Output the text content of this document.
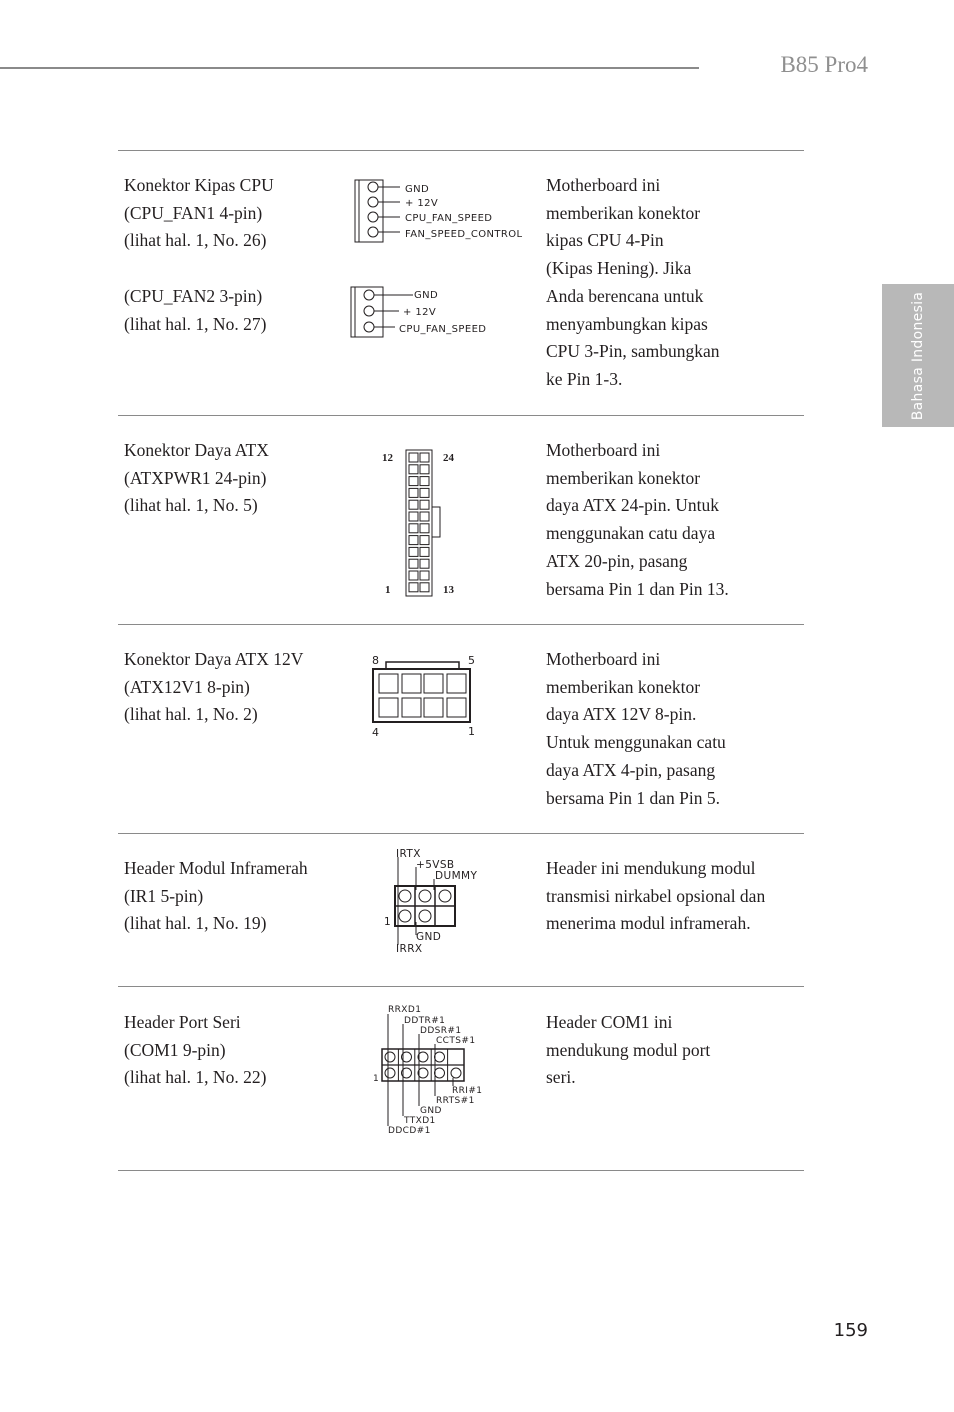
B85 Pro4
Bahasa Indonesia
Konektor Kipas CPU
(CPU_FAN1 4-pin)
(lihat hal. 1, No. 26)

(CPU_FAN2 3-pin)
(lihat hal. 1, No. 27)
Motherboard ini
memberikan konektor
kipas CPU 4-Pin
(Kipas Hening). Jika
Anda berencana untuk
menyambungkan kipas
CPU 3-Pin, sambungkan
ke Pin 1-3.
GND
+ 12V
CPU_FAN_SPEED
FAN_SPEED_CONTROL
GND
+ 12V
CPU_FAN_SPEED
Konektor Daya ATX
(ATXPWR1 24-pin)
(lihat hal. 1, No. 5)
Motherboard ini
memberikan konektor
daya ATX 24-pin. Untuk
menggunakan catu daya
ATX 20-pin, pasang
bersama Pin 1 dan Pin 13.
12	24
1	13
Konektor Daya ATX 12V
(ATX12V1 8-pin)
(lihat hal. 1, No. 2)
Motherboard ini
memberikan konektor
daya ATX 12V 8-pin.
Untuk menggunakan catu
daya ATX 4-pin, pasang
bersama Pin 1 dan Pin 5.
8	5
4	1
Header Modul Inframerah
(IR1 5-pin)
(lihat hal. 1, No. 19)
Header ini mendukung modul
transmisi nirkabel opsional dan
menerima modul inframerah.
IRTX
+5VSB
DUMMY
1
GND
IRRX
Header Port Seri
(COM1 9-pin)
(lihat hal. 1, No. 22)
Header COM1 ini
mendukung modul port
seri.
RRXD1
DDTR#1
DDSR#1
CCTS#1
1
RRI#1
RRTS#1
GND
TTXD1
DDCD#1
159
